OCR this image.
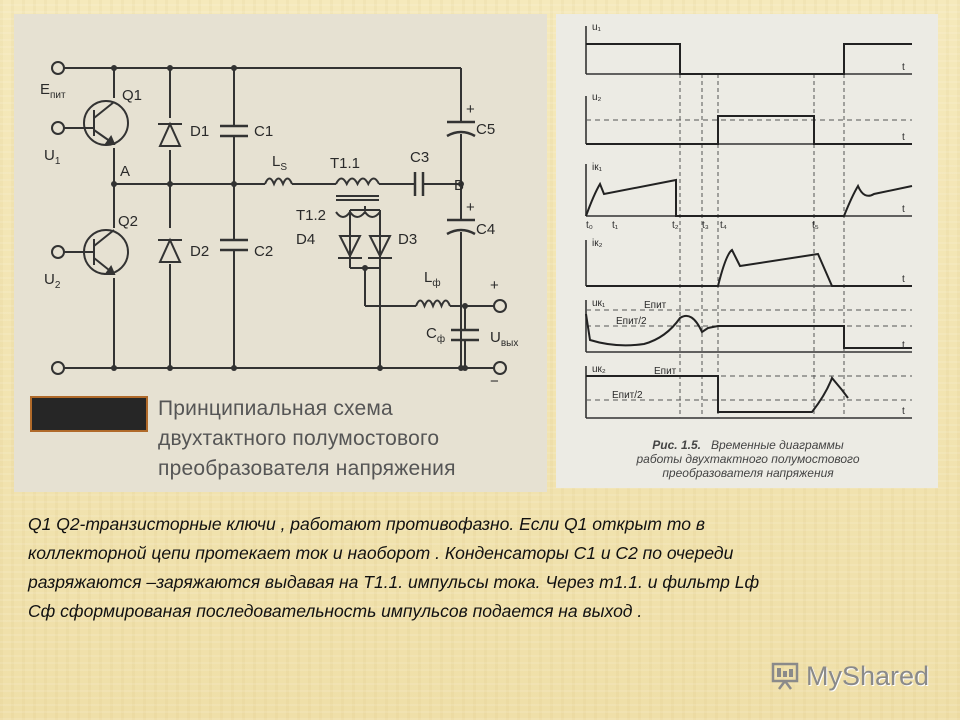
$E_{пит}$
$U_1$
$U_2$
Q1
Q2
A
D1
D2
C1
C2
$L_S$	T1.1
T1.2
D4	D3
C3
B
C5
C4
+
+
$L_ф$
$C_ф$
+
−
$U_{вых}$
Принципиальная схема
двухтактного полумостового
преобразователя напряжения
u₁
u₂
iк₁
iк₂
uк₁
uк₂
t
t
t
t
t
t
t₀ t₁	t₂ t₃ t₄	t₅
Eпит
Eпит/2
Eпит
Eпит/2
Рис. 1.5. Временные диаграммы
работы двухтактного полумостового
преобразователя напряжения
Q1 Q2-транзисторные ключи , работают противофазно. Если Q1 открыт то в
коллекторной цепи протекает ток и наоборот . Конденсаторы С1 и С2 по очереди
разряжаются –заряжаются выдавая на Т1.1. импульсы тока. Через т1.1. и фильтр Lф
Сф сформированая последовательность импульсов подается на выход .
MyShared
